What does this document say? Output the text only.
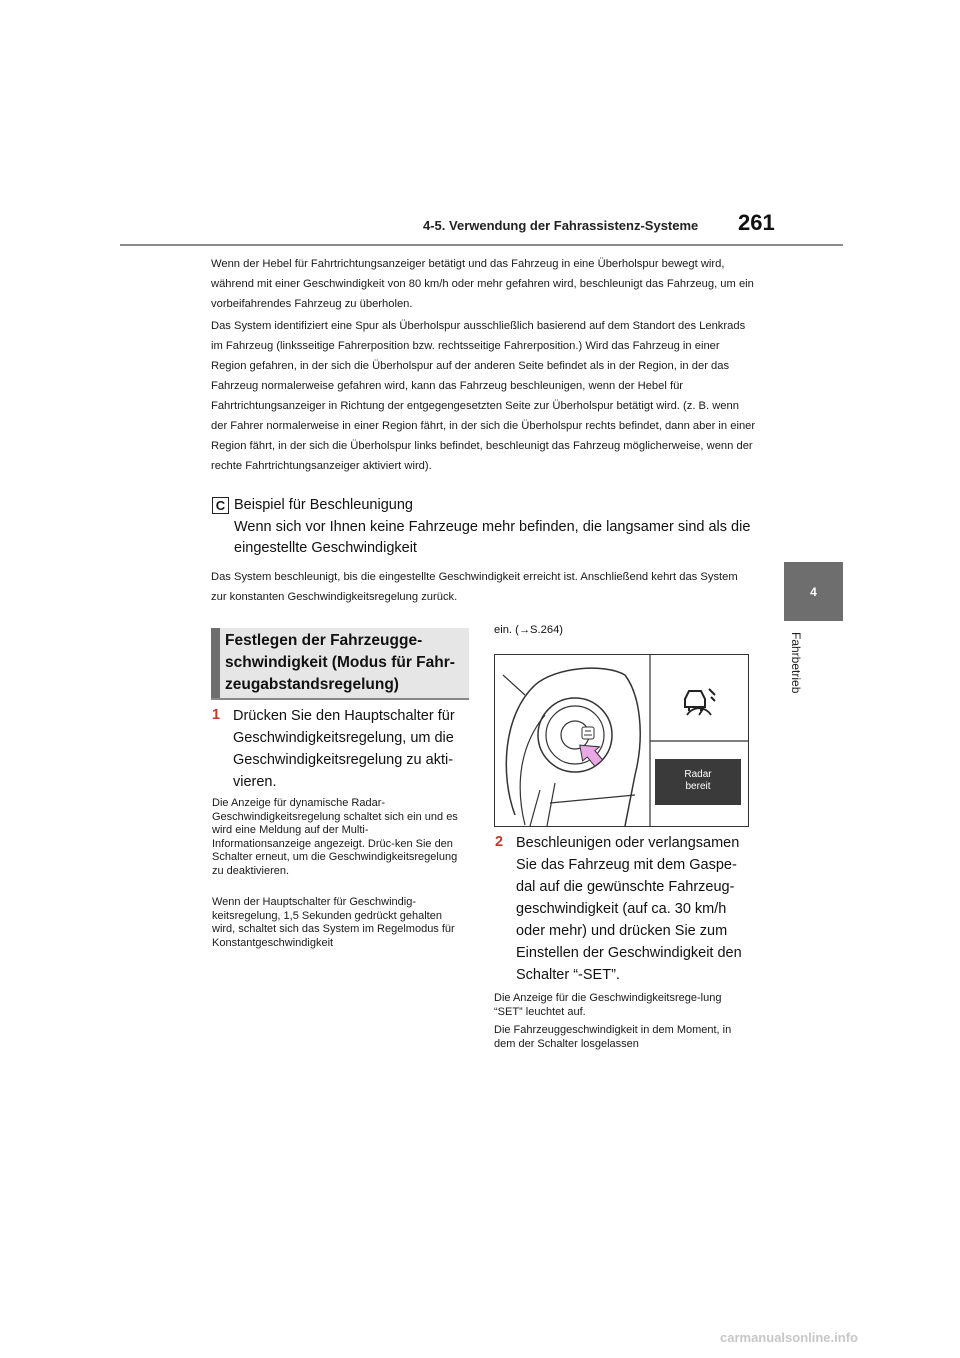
4-5. Verwendung der Fahrassistenz-Systeme 261
4
Fahrbetrieb
Wenn der Hebel für Fahrtrichtungsanzeiger betätigt und das Fahrzeug in eine Überholspur bewegt wird, während mit einer Geschwindigkeit von 80 km/h oder mehr gefahren wird, beschleunigt das Fahrzeug, um ein vorbeifahrendes Fahrzeug zu überholen.
Das System identifiziert eine Spur als Überholspur ausschließlich basierend auf dem Standort des Lenkrads im Fahrzeug (linksseitige Fahrerposition bzw. rechtsseitige Fahrerposition.) Wird das Fahrzeug in einer Region gefahren, in der sich die Überholspur auf der anderen Seite befindet als in der Region, in der das Fahrzeug normalerweise gefahren wird, kann das Fahrzeug beschleunigen, wenn der Hebel für Fahrtrichtungsanzeiger in Richtung der entgegengesetzten Seite zur Überholspur betätigt wird. (z. B. wenn der Fahrer normalerweise in einer Region fährt, in der sich die Überholspur rechts befindet, dann aber in einer Region fährt, in der sich die Überholspur links befindet, beschleunigt das Fahrzeug möglicherweise, wenn der rechte Fahrtrichtungsanzeiger aktiviert wird).
C Beispiel für Beschleunigung
Wenn sich vor Ihnen keine Fahrzeuge mehr befinden, die langsamer sind als die eingestellte Geschwindigkeit
Das System beschleunigt, bis die eingestellte Geschwindigkeit erreicht ist. Anschließend kehrt das System zur konstanten Geschwindigkeitsregelung zurück.
Festlegen der Fahrzeugge-schwindigkeit (Modus für Fahr-zeugabstandsregelung)
1 Drücken Sie den Hauptschalter für Geschwindigkeitsregelung, um die Geschwindigkeitsregelung zu akti-vieren.
Die Anzeige für dynamische Radar-Geschwindigkeitsregelung schaltet sich ein und es wird eine Meldung auf der Multi-Informationsanzeige angezeigt. Drüc-ken Sie den Schalter erneut, um die Geschwindigkeitsregelung zu deaktivieren.
Wenn der Hauptschalter für Geschwindig-keitsregelung, 1,5 Sekunden gedrückt gehalten wird, schaltet sich das System im Regelmodus für Konstantgeschwindigkeit
ein. (→S.264)
Radar
bereit
2 Beschleunigen oder verlangsamen Sie das Fahrzeug mit dem Gaspe-dal auf die gewünschte Fahrzeug-geschwindigkeit (auf ca. 30 km/h oder mehr) und drücken Sie zum Einstellen der Geschwindigkeit den Schalter “-SET”.
Die Anzeige für die Geschwindigkeitsrege-lung “SET” leuchtet auf.
Die Fahrzeuggeschwindigkeit in dem Moment, in dem der Schalter losgelassen
carmanualsonline.info
